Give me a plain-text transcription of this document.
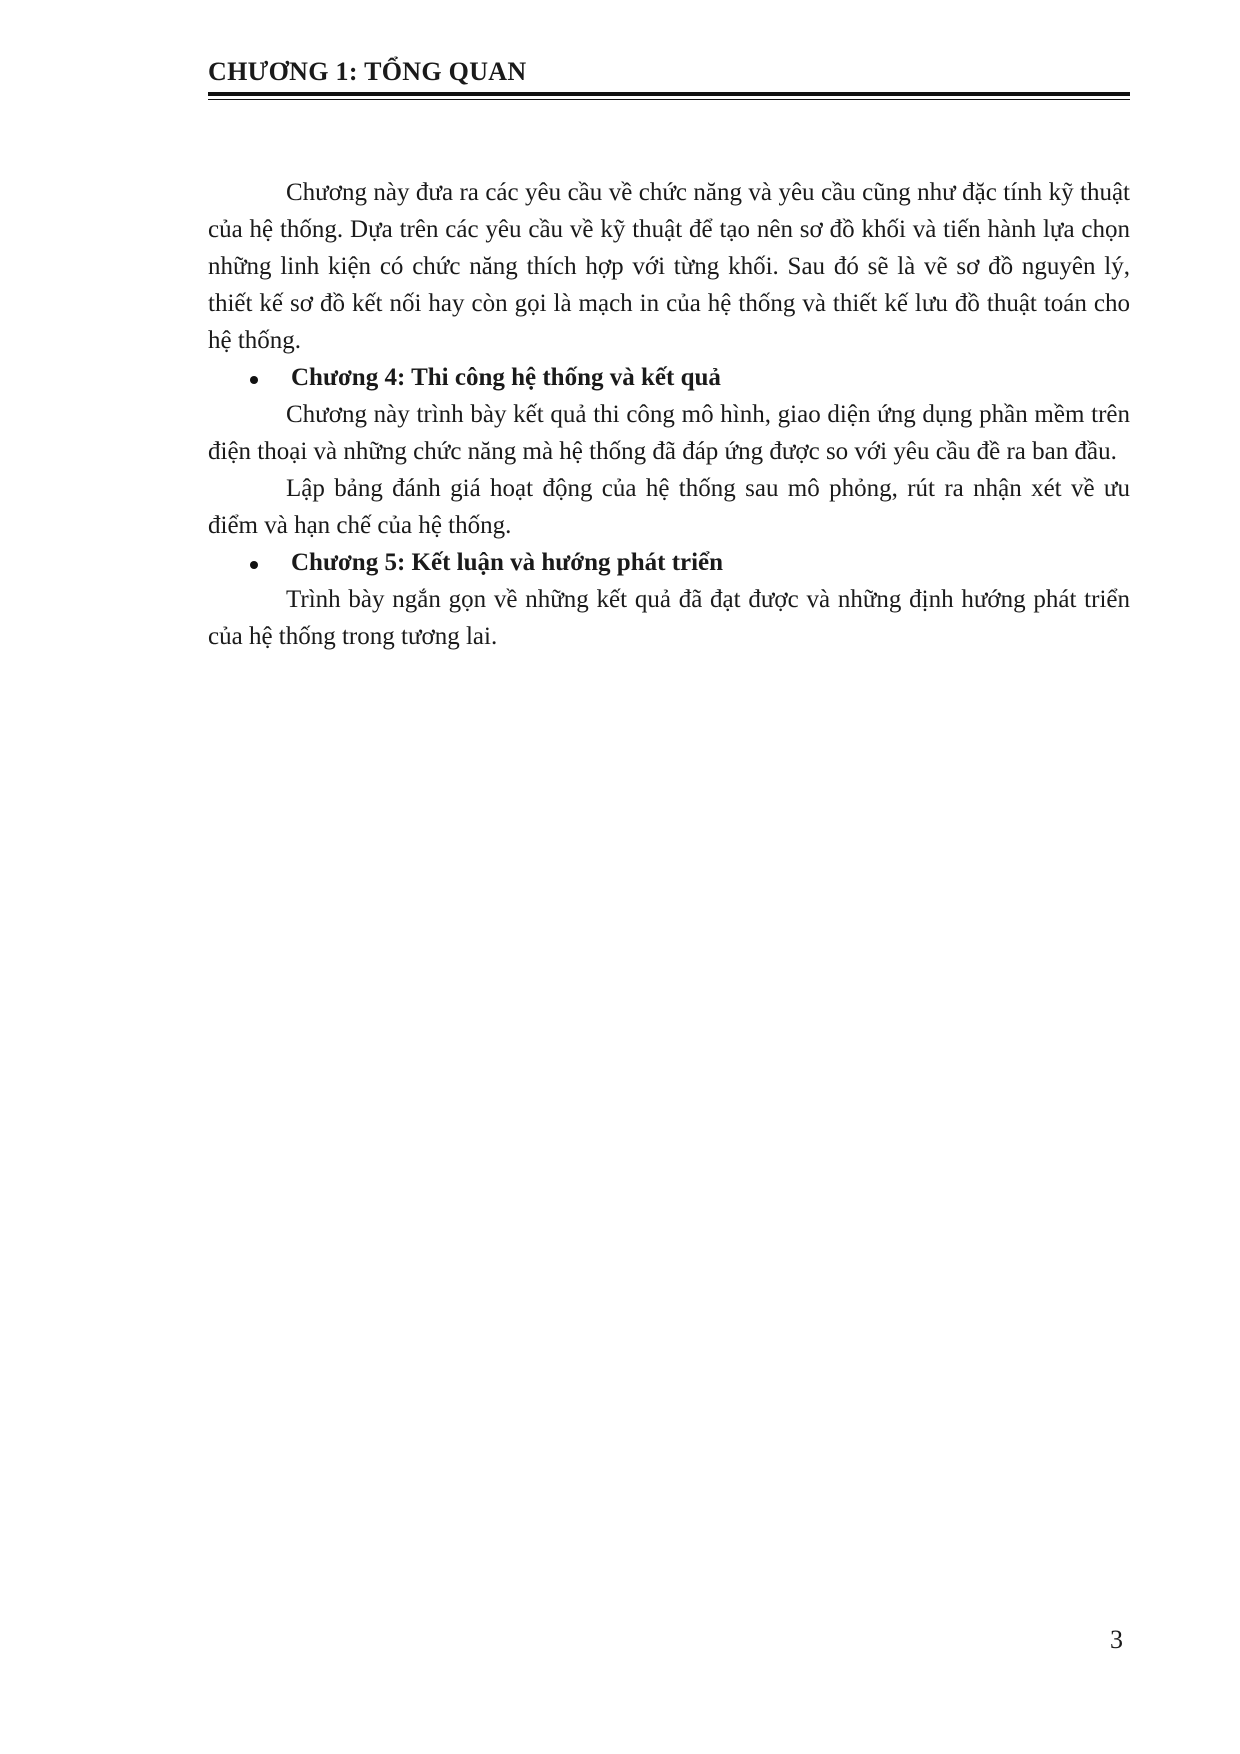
CHƯƠNG 1: TỔNG QUAN

Chương này đưa ra các yêu cầu về chức năng và yêu cầu cũng như đặc tính kỹ thuật của hệ thống. Dựa trên các yêu cầu về kỹ thuật để tạo nên sơ đồ khối và tiến hành lựa chọn những linh kiện có chức năng thích hợp với từng khối. Sau đó sẽ là vẽ sơ đồ nguyên lý, thiết kế sơ đồ kết nối hay còn gọi là mạch in của hệ thống và thiết kế lưu đồ thuật toán cho hệ thống.

Chương 4: Thi công hệ thống và kết quả

Chương này trình bày kết quả thi công mô hình, giao diện ứng dụng phần mềm trên điện thoại và những chức năng mà hệ thống đã đáp ứng được so với yêu cầu đề ra ban đầu.

Lập bảng đánh giá hoạt động của hệ thống sau mô phỏng, rút ra nhận xét về ưu điểm và hạn chế của hệ thống.

Chương 5: Kết luận và hướng phát triển

Trình bày ngắn gọn về những kết quả đã đạt được và những định hướng phát triển của hệ thống trong tương lai.

3
